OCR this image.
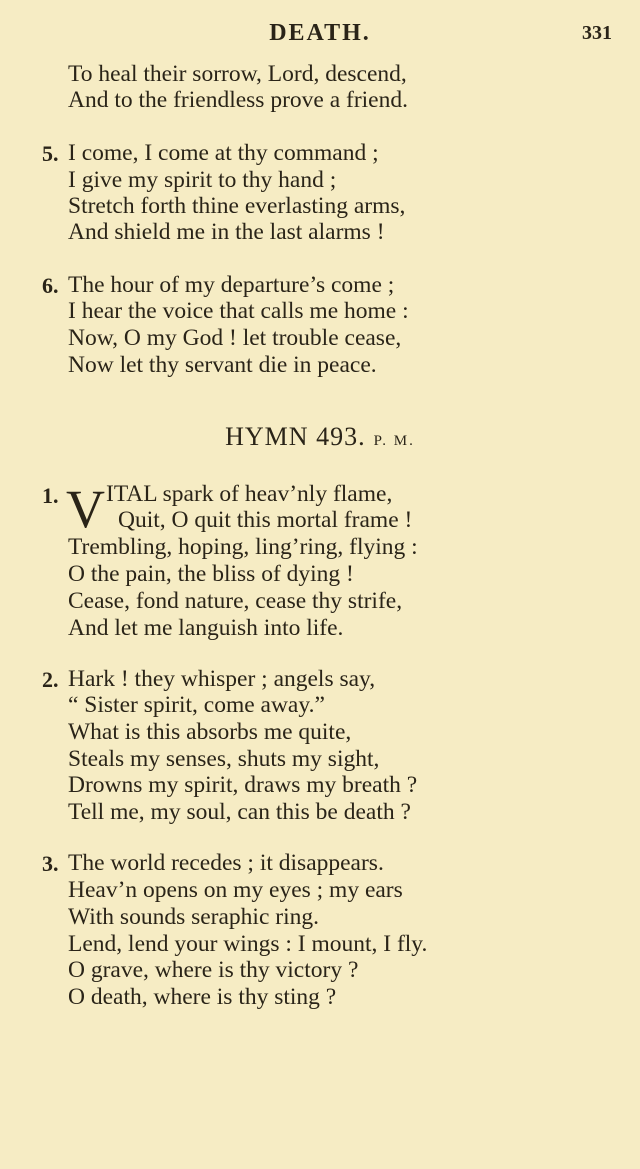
DEATH.	331
To heal their sorrow, Lord, descend,
And to the friendless prove a friend.
5. I come, I come at thy command ;
I give my spirit to thy hand ;
Stretch forth thine everlasting arms,
And shield me in the last alarms !
6. The hour of my departure’s come ;
I hear the voice that calls me home :
Now, O my God ! let trouble cease,
Now let thy servant die in peace.
HYMN 493. P. M.
1. V ITAL spark of heav’nly flame,
Quit, O quit this mortal frame !
Trembling, hoping, ling’ring, flying :
O the pain, the bliss of dying !
Cease, fond nature, cease thy strife,
And let me languish into life.
2. Hark ! they whisper ; angels say,
“ Sister spirit, come away.”
What is this absorbs me quite,
Steals my senses, shuts my sight,
Drowns my spirit, draws my breath ?
Tell me, my soul, can this be death ?
3. The world recedes ; it disappears.
Heav’n opens on my eyes ; my ears
With sounds seraphic ring.
Lend, lend your wings : I mount, I fly.
O grave, where is thy victory ?
O death, where is thy sting ?
